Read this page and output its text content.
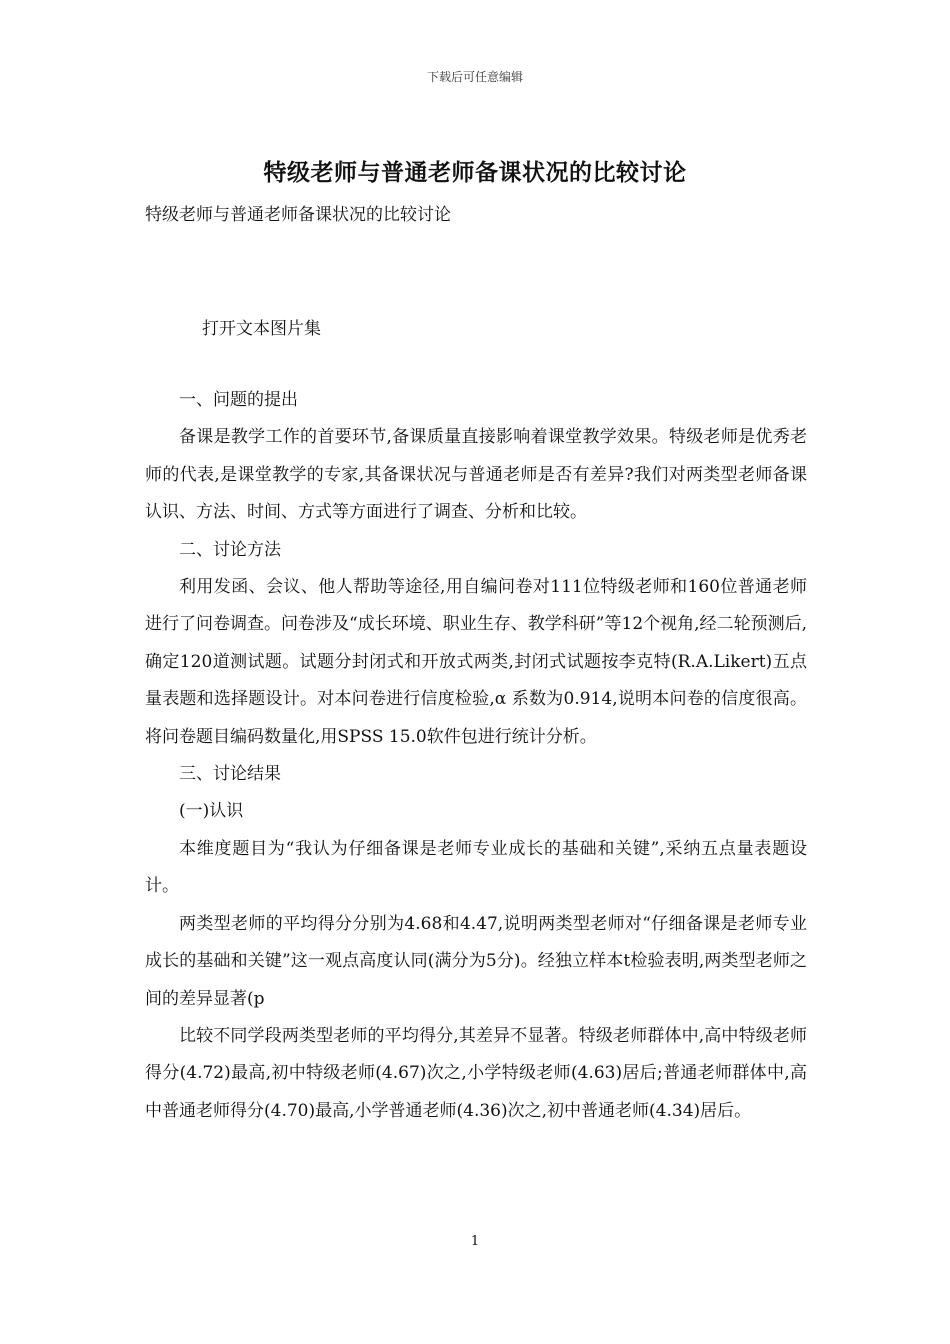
下载后可任意编辑
特级老师与普通老师备课状况的比较讨论
特级老师与普通老师备课状况的比较讨论
打开文本图片集

一、问题的提出

备课是教学工作的首要环节,备课质量直接影响着课堂教学效果。特级老师是优秀老师的代表,是课堂教学的专家,其备课状况与普通老师是否有差异?我们对两类型老师备课认识、方法、时间、方式等方面进行了调查、分析和比较。

二、讨论方法

利用发函、会议、他人帮助等途径,用自编问卷对111位特级老师和160位普通老师进行了问卷调查。问卷涉及“成长环境、职业生存、教学科研”等12个视角,经二轮预测后,确定120道测试题。试题分封闭式和开放式两类,封闭式试题按李克特(R.A.Likert)五点量表题和选择题设计。对本问卷进行信度检验,α 系数为0.914,说明本问卷的信度很高。将问卷题目编码数量化,用SPSS 15.0软件包进行统计分析。

三、讨论结果

(一)认识

本维度题目为“我认为仔细备课是老师专业成长的基础和关键”,采纳五点量表题设计。

两类型老师的平均得分分别为4.68和4.47,说明两类型老师对“仔细备课是老师专业成长的基础和关键”这一观点高度认同(满分为5分)。经独立样本t检验表明,两类型老师之间的差异显著(p

比较不同学段两类型老师的平均得分,其差异不显著。特级老师群体中,高中特级老师得分(4.72)最高,初中特级老师(4.67)次之,小学特级老师(4.63)居后;普通老师群体中,高中普通老师得分(4.70)最高,小学普通老师(4.36)次之,初中普通老师(4.34)居后。

1
